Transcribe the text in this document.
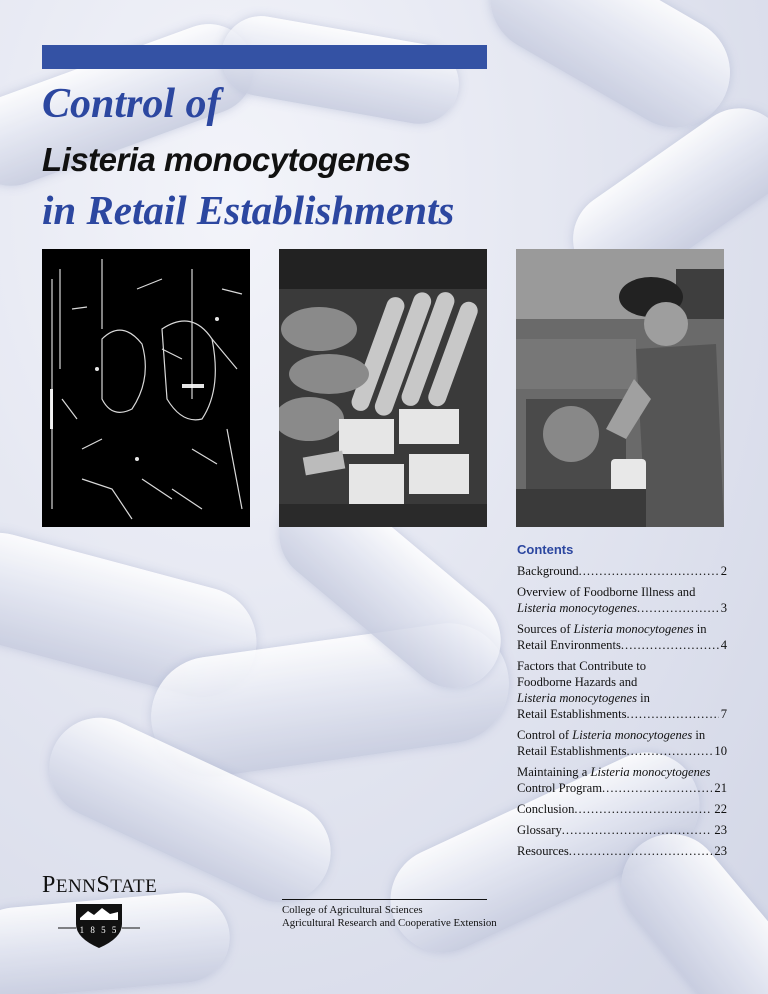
Control of
Listeria monocytogenes
in Retail Establishments
Contents
Background .....	2
Overview of Foodborne Illness and
Listeria monocytogenes .....	3
Sources of Listeria monocytogenes in
Retail Environments .....	4
Factors that Contribute to
Foodborne Hazards and
Listeria monocytogenes in
Retail Establishments .....	7
Control of Listeria monocytogenes in
Retail Establishments .....	10
Maintaining a Listeria monocytogenes
Control Program .....	21
Conclusion .....	22
Glossary .....	23
Resources .....	23
PENNSTATE
1 8 5 5
College of Agricultural Sciences
Agricultural Research and Cooperative Extension
